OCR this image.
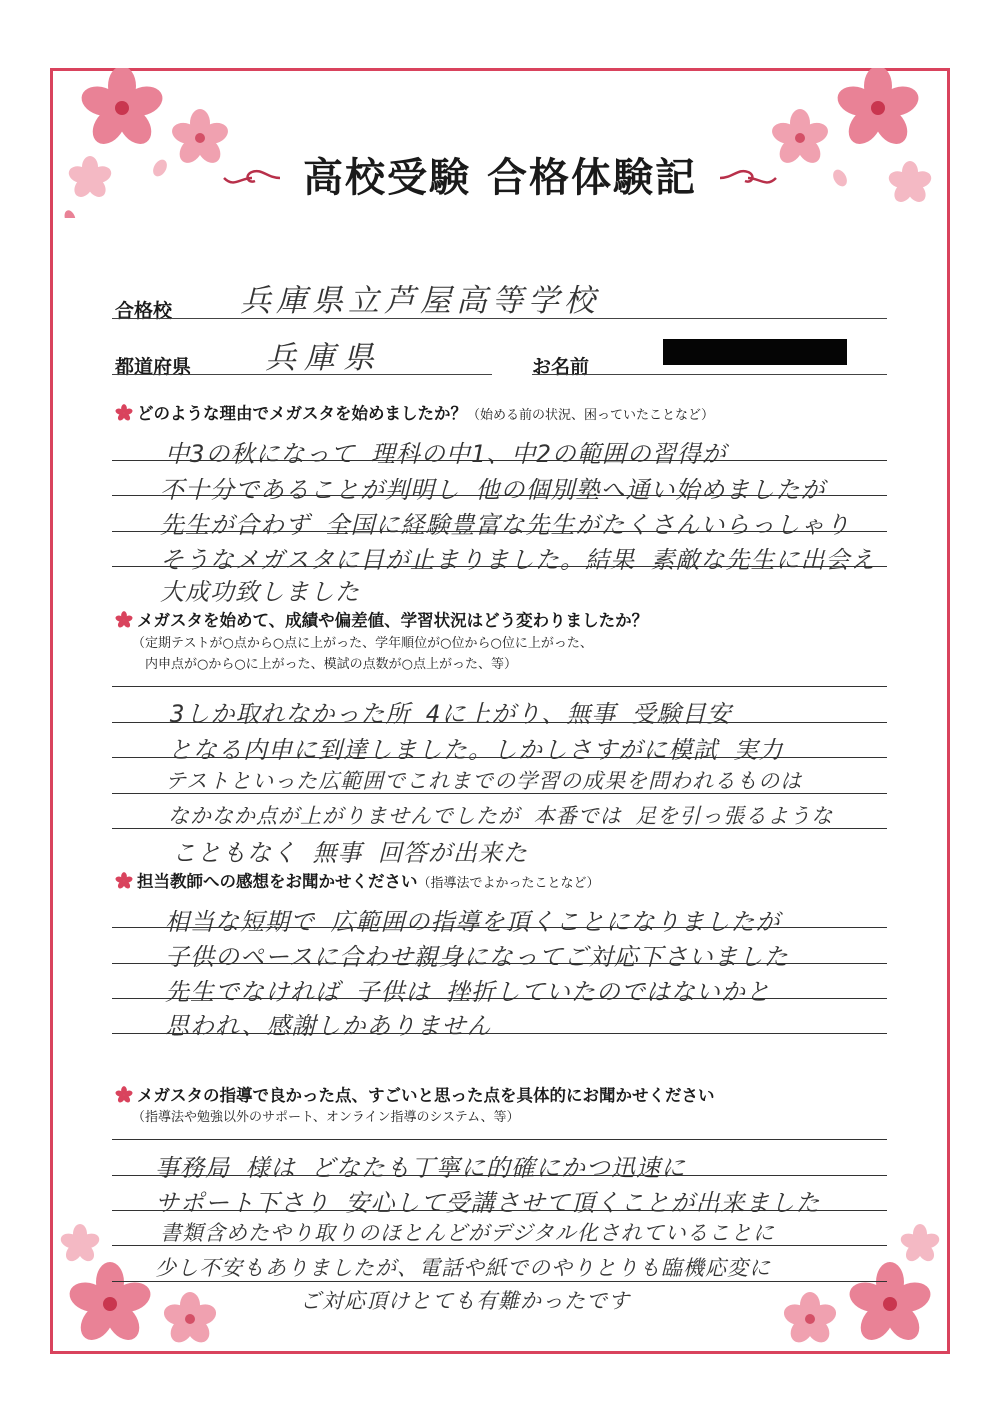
高校受験 合格体験記
合格校 兵庫県立芦屋高等学校
都道府県 兵庫県	お名前
どのような理由でメガスタを始めましたか？（始める前の状況、困っていたことなど）
中3の秋になって 理科の中1、中2の範囲の習得が
不十分であることが判明し 他の個別塾へ通い始めましたが
先生が合わず 全国に経験豊富な先生がたくさんいらっしゃり
そうなメガスタに目が止まりました。結果 素敵な先生に出会え
大成功致しました
メガスタを始めて、成績や偏差値、学習状況はどう変わりましたか？
（定期テストが○点から○点に上がった、学年順位が○位から○位に上がった、
内申点が○から○に上がった、模試の点数が○点上がった、等）
3しか取れなかった所 4に上がり、無事 受験目安
となる内申に到達しました。しかしさすがに模試 実力
テストといった広範囲でこれまでの学習の成果を問われるものは
なかなか点が上がりませんでしたが 本番では 足を引っ張るような
こともなく 無事 回答が出来た
担当教師への感想をお聞かせください（指導法でよかったことなど）
相当な短期で 広範囲の指導を頂くことになりましたが
子供のペースに合わせ親身になってご対応下さいました
先生でなければ 子供は 挫折していたのではないかと
思われ、感謝しかありません
メガスタの指導で良かった点、すごいと思った点を具体的にお聞かせください
（指導法や勉強以外のサポート、オンライン指導のシステム、等）
事務局 様は どなたも丁寧に的確にかつ迅速に
サポート下さり 安心して受講させて頂くことが出来ました
書類含めたやり取りのほとんどがデジタル化されていることに
少し不安もありましたが、電話や紙でのやりとりも臨機応変に
ご対応頂けとても有難かったです
